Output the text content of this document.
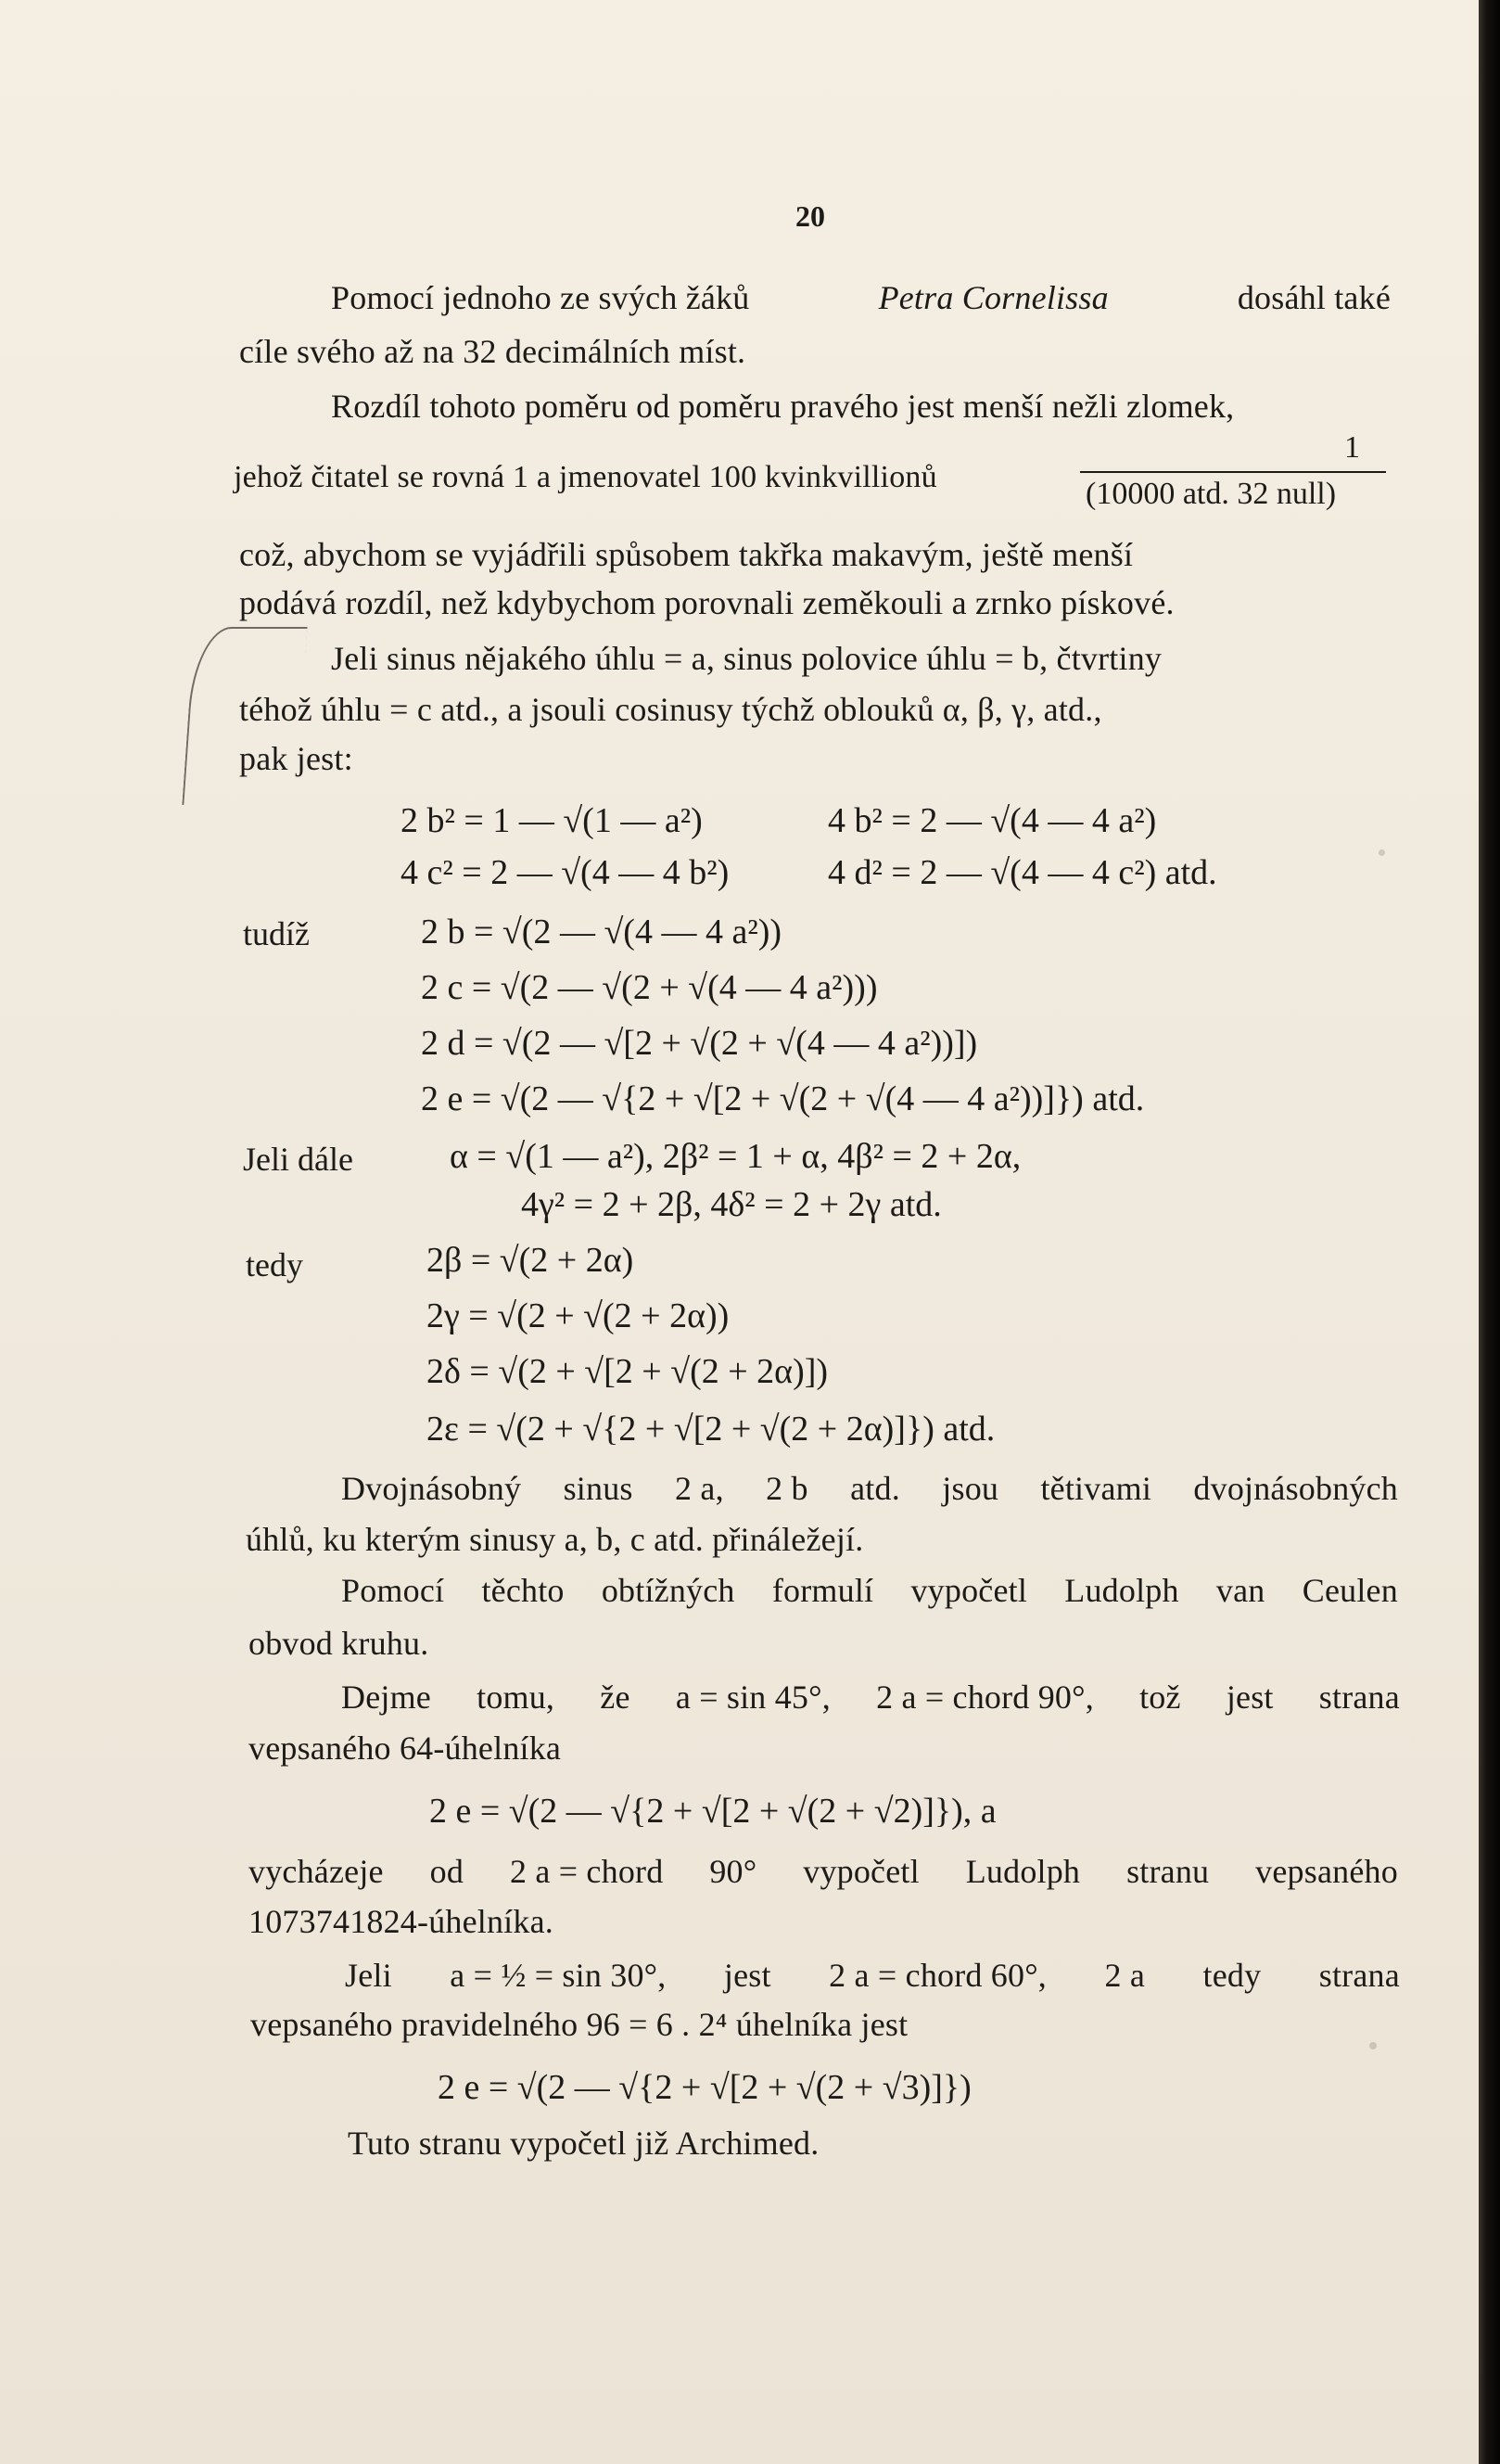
20
Pomocí jednoho ze svých žáků	Petra Cornelissa	dosáhl také
cíle svého až na 32 decimálních míst.
Rozdíl tohoto poměru od poměru pravého jest menší nežli zlomek,
jehož čitatel se rovná 1 a jmenovatel 100 kvinkvillionů
1
(10000 atd. 32 null)
což, abychom se vyjádřili spůsobem takřka makavým, ještě menší
podává rozdíl, než kdybychom porovnali zeměkouli a zrnko pískové.
Jeli sinus nějakého úhlu = a, sinus polovice úhlu = b, čtvrtiny
téhož úhlu = c atd., a jsouli cosinusy týchž oblouků α, β, γ, atd.,
pak jest:
2 b² = 1 — √(1 — a²)	4 b² = 2 — √(4 — 4 a²)
4 c² = 2 — √(4 — 4 b²)	4 d² = 2 — √(4 — 4 c²) atd.
tudíž	2 b = √(2 — √(4 — 4 a²))
2 c = √(2 — √(2 + √(4 — 4 a²)))
2 d = √(2 — √[2 + √(2 + √(4 — 4 a²))])
2 e = √(2 — √{2 + √[2 + √(2 + √(4 — 4 a²))]}) atd.
Jeli dále	α = √(1 — a²), 2β² = 1 + α, 4β² = 2 + 2α,
4γ² = 2 + 2β, 4δ² = 2 + 2γ atd.
tedy	2β = √(2 + 2α)
2γ = √(2 + √(2 + 2α))
2δ = √(2 + √[2 + √(2 + 2α)])
2ε = √(2 + √{2 + √[2 + √(2 + 2α)]}) atd.
Dvojnásobný sinus 2 a, 2 b atd. jsou tětivami dvojnásobných
úhlů, ku kterým sinusy a, b, c atd. přináležejí.
Pomocí těchto obtížných formulí vypočetl Ludolph van Ceulen
obvod kruhu.
Dejme tomu, že a = sin 45°, 2 a = chord 90°, tož jest strana
vepsaného 64-úhelníka
2 e = √(2 — √{2 + √[2 + √(2 + √2)]}), a
vycházeje od 2 a = chord 90° vypočetl Ludolph stranu vepsaného
1073741824-úhelníka.
Jeli a = ½ = sin 30°, jest 2 a = chord 60°, 2 a tedy strana
vepsaného pravidelného 96 = 6 . 2⁴ úhelníka jest
2 e = √(2 — √{2 + √[2 + √(2 + √3)]})
Tuto stranu vypočetl již Archimed.
